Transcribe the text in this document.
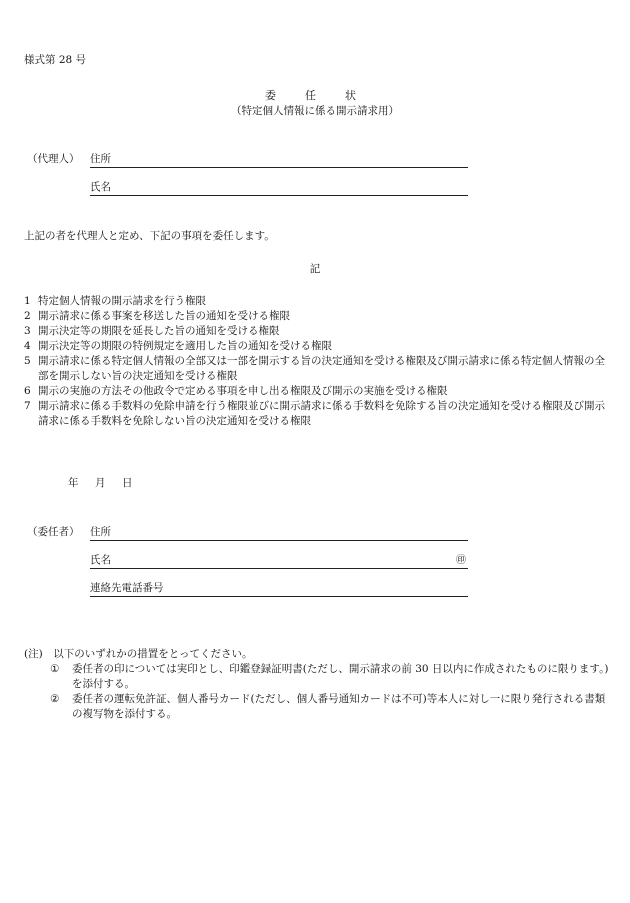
様式第 28 号
委　任　状
（特定個人情報に係る開示請求用）
（代理人） 住所
氏名
上記の者を代理人と定め、下記の事項を委任します。
記

1 特定個人情報の開示請求を行う権限

2 開示請求に係る事案を移送した旨の通知を受ける権限

3 開示決定等の期限を延長した旨の通知を受ける権限

4 開示決定等の期限の特例規定を適用した旨の通知を受ける権限

5 開示請求に係る特定個人情報の全部又は一部を開示する旨の決定通知を受ける権限及び開示請求に係る特定個人情報の全部を開示しない旨の決定通知を受ける権限

6 開示の実施の方法その他政令で定める事項を申し出る権限及び開示の実施を受ける権限

7 開示請求に係る手数料の免除申請を行う権限並びに開示請求に係る手数料を免除する旨の決定通知を受ける権限及び開示請求に係る手数料を免除しない旨の決定通知を受ける権限

年　月　日
（委任者） 住所
氏名	㊞
連絡先電話番号
(注)　以下のいずれかの措置をとってください。
① 委任者の印については実印とし、印鑑登録証明書(ただし、開示請求の前 30 日以内に作成されたものに限ります。)を添付する。
② 委任者の運転免許証、個人番号カード(ただし、個人番号通知カードは不可)等本人に対し一に限り発行される書類の複写物を添付する。
